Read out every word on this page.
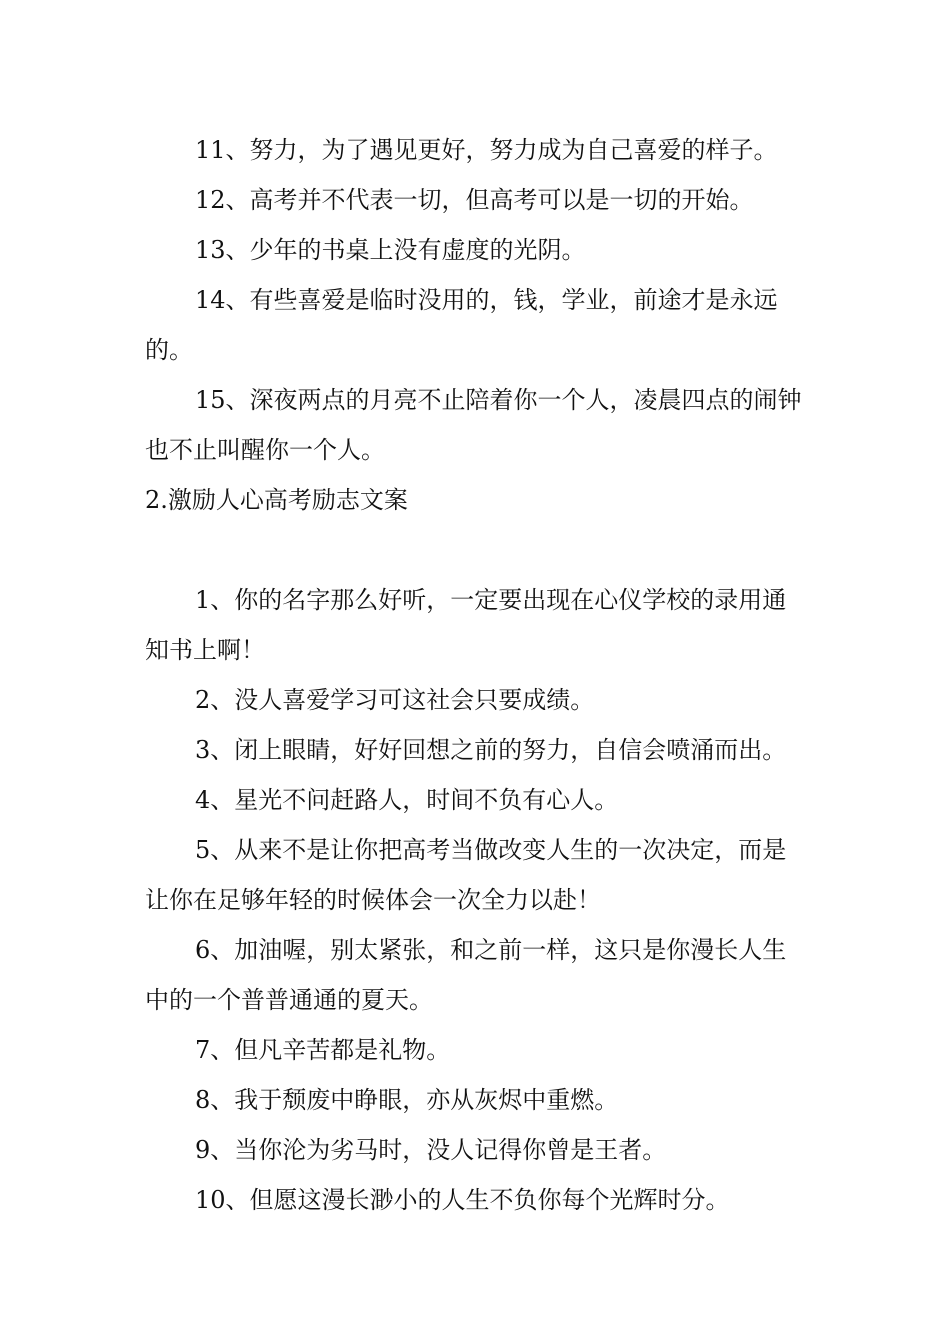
11、努力，为了遇见更好，努力成为自己喜爱的样子。

12、高考并不代表一切，但高考可以是一切的开始。

13、少年的书桌上没有虚度的光阴。

14、有些喜爱是临时没用的，钱，学业，前途才是永远的。

15、深夜两点的月亮不止陪着你一个人，凌晨四点的闹钟也不止叫醒你一个人。

2.激励人心高考励志文案

1、你的名字那么好听，一定要出现在心仪学校的录用通知书上啊！

2、没人喜爱学习可这社会只要成绩。

3、闭上眼睛，好好回想之前的努力，自信会喷涌而出。

4、星光不问赶路人，时间不负有心人。

5、从来不是让你把高考当做改变人生的一次决定，而是让你在足够年轻的时候体会一次全力以赴！

6、加油喔，别太紧张，和之前一样，这只是你漫长人生中的一个普普通通的夏天。

7、但凡辛苦都是礼物。

8、我于颓废中睁眼，亦从灰烬中重燃。

9、当你沦为劣马时，没人记得你曾是王者。

10、但愿这漫长渺小的人生不负你每个光辉时分。
